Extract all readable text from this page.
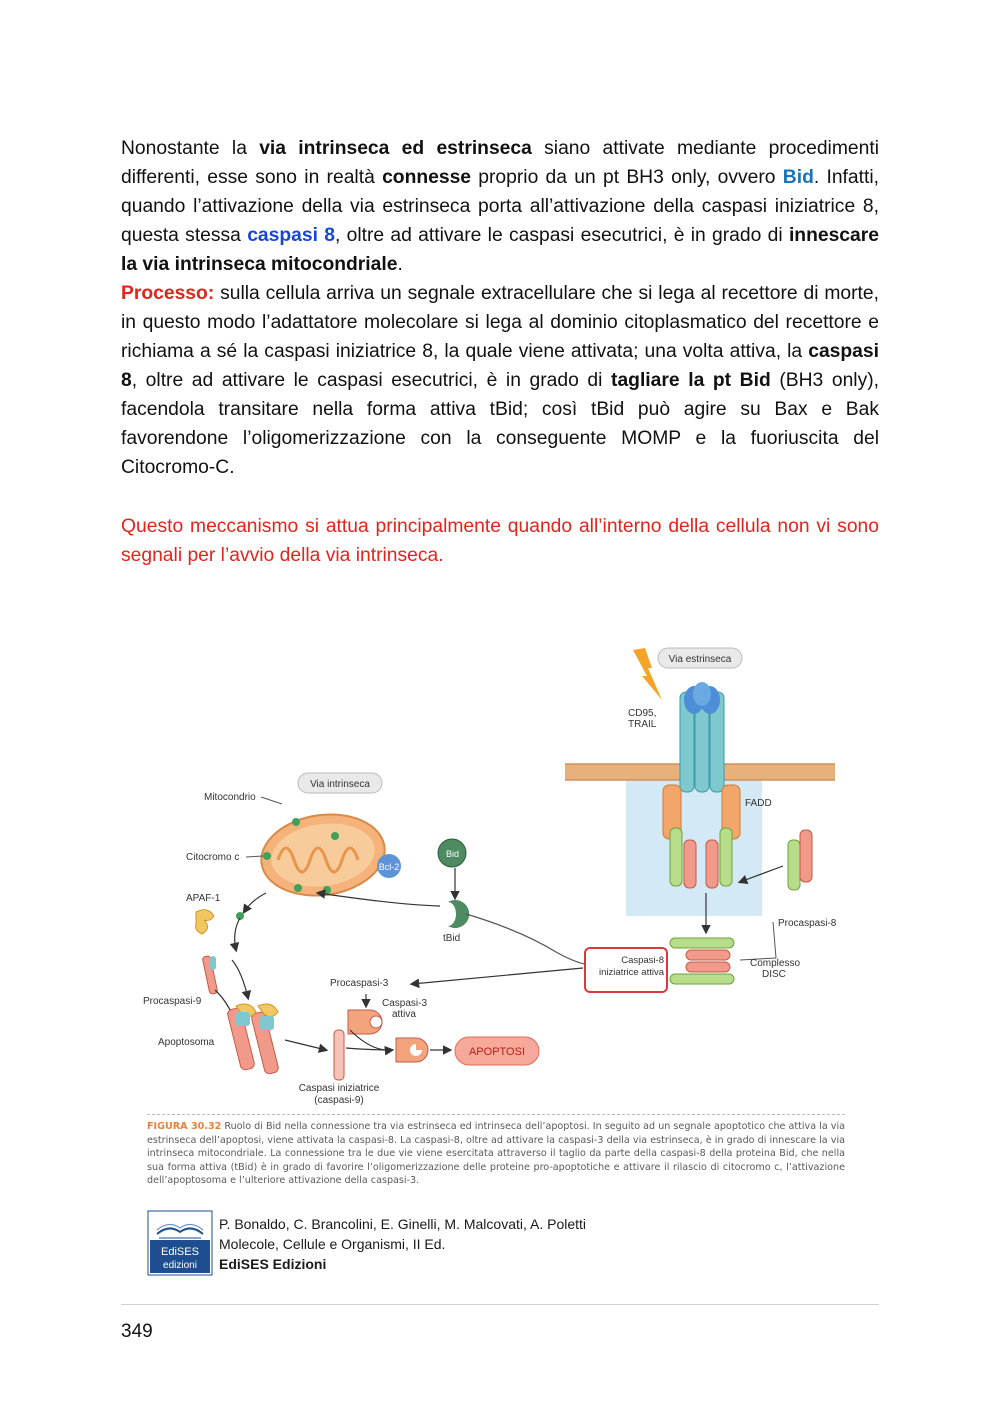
Nonostante la via intrinseca ed estrinseca siano attivate mediante procedimenti differenti, esse sono in realtà connesse proprio da un pt BH3 only, ovvero Bid. Infatti, quando l’attivazione della via estrinseca porta all’attivazione della caspasi iniziatrice 8, questa stessa caspasi 8, oltre ad attivare le caspasi esecutrici, è in grado di innescare la via intrinseca mitocondriale.

Processo: sulla cellula arriva un segnale extracellulare che si lega al recettore di morte, in questo modo l’adattatore molecolare si lega al dominio citoplasmatico del recettore e richiama a sé la caspasi iniziatrice 8, la quale viene attivata; una volta attiva, la caspasi 8, oltre ad attivare le caspasi esecutrici, è in grado di tagliare la pt Bid (BH3 only), facendola transitare nella forma attiva tBid; così tBid può agire su Bax e Bak favorendone l’oligomerizzazione con la conseguente MOMP e la fuoriuscita del Citocromo-C.

Questo meccanismo si attua principalmente quando all’interno della cellula non vi sono segnali per l’avvio della via intrinseca.

Via estrinseca
CD95,
TRAIL
FADD
Procaspasi-8
Complesso
DISC
Caspasi-8
iniziatrice attiva
Via intrinseca
Bcl-2
Mitocondrio
Citocromo c	Bid
tBid
APAF-1
Procaspasi-9
Apoptosoma
Caspasi iniziatrice
(caspasi-9)
Procaspasi-3
Caspasi-3
attiva
APOPTOSI
FIGURA 30.32 Ruolo di Bid nella connessione tra via estrinseca ed intrinseca dell’apoptosi. In seguito ad un segnale apoptotico che attiva la via estrinseca dell’apoptosi, viene attivata la caspasi-8. La caspasi-8, oltre ad attivare la caspasi-3 della via estrinseca, è in grado di innescare la via intrinseca mitocondriale. La connessione tra le due vie viene esercitata attraverso il taglio da parte della caspasi-8 della proteina Bid, che nella sua forma attiva (tBid) è in grado di favorire l’oligomerizzazione delle proteine pro-apoptotiche e attivare il rilascio di citocromo c, l’attivazione dell’apoptosoma e l’ulteriore attivazione della caspasi-3.
EdiSES
edizioni
P. Bonaldo, C. Brancolini, E. Ginelli, M. Malcovati, A. Poletti
Molecole, Cellule e Organismi, II Ed.
EdiSES Edizioni
349
